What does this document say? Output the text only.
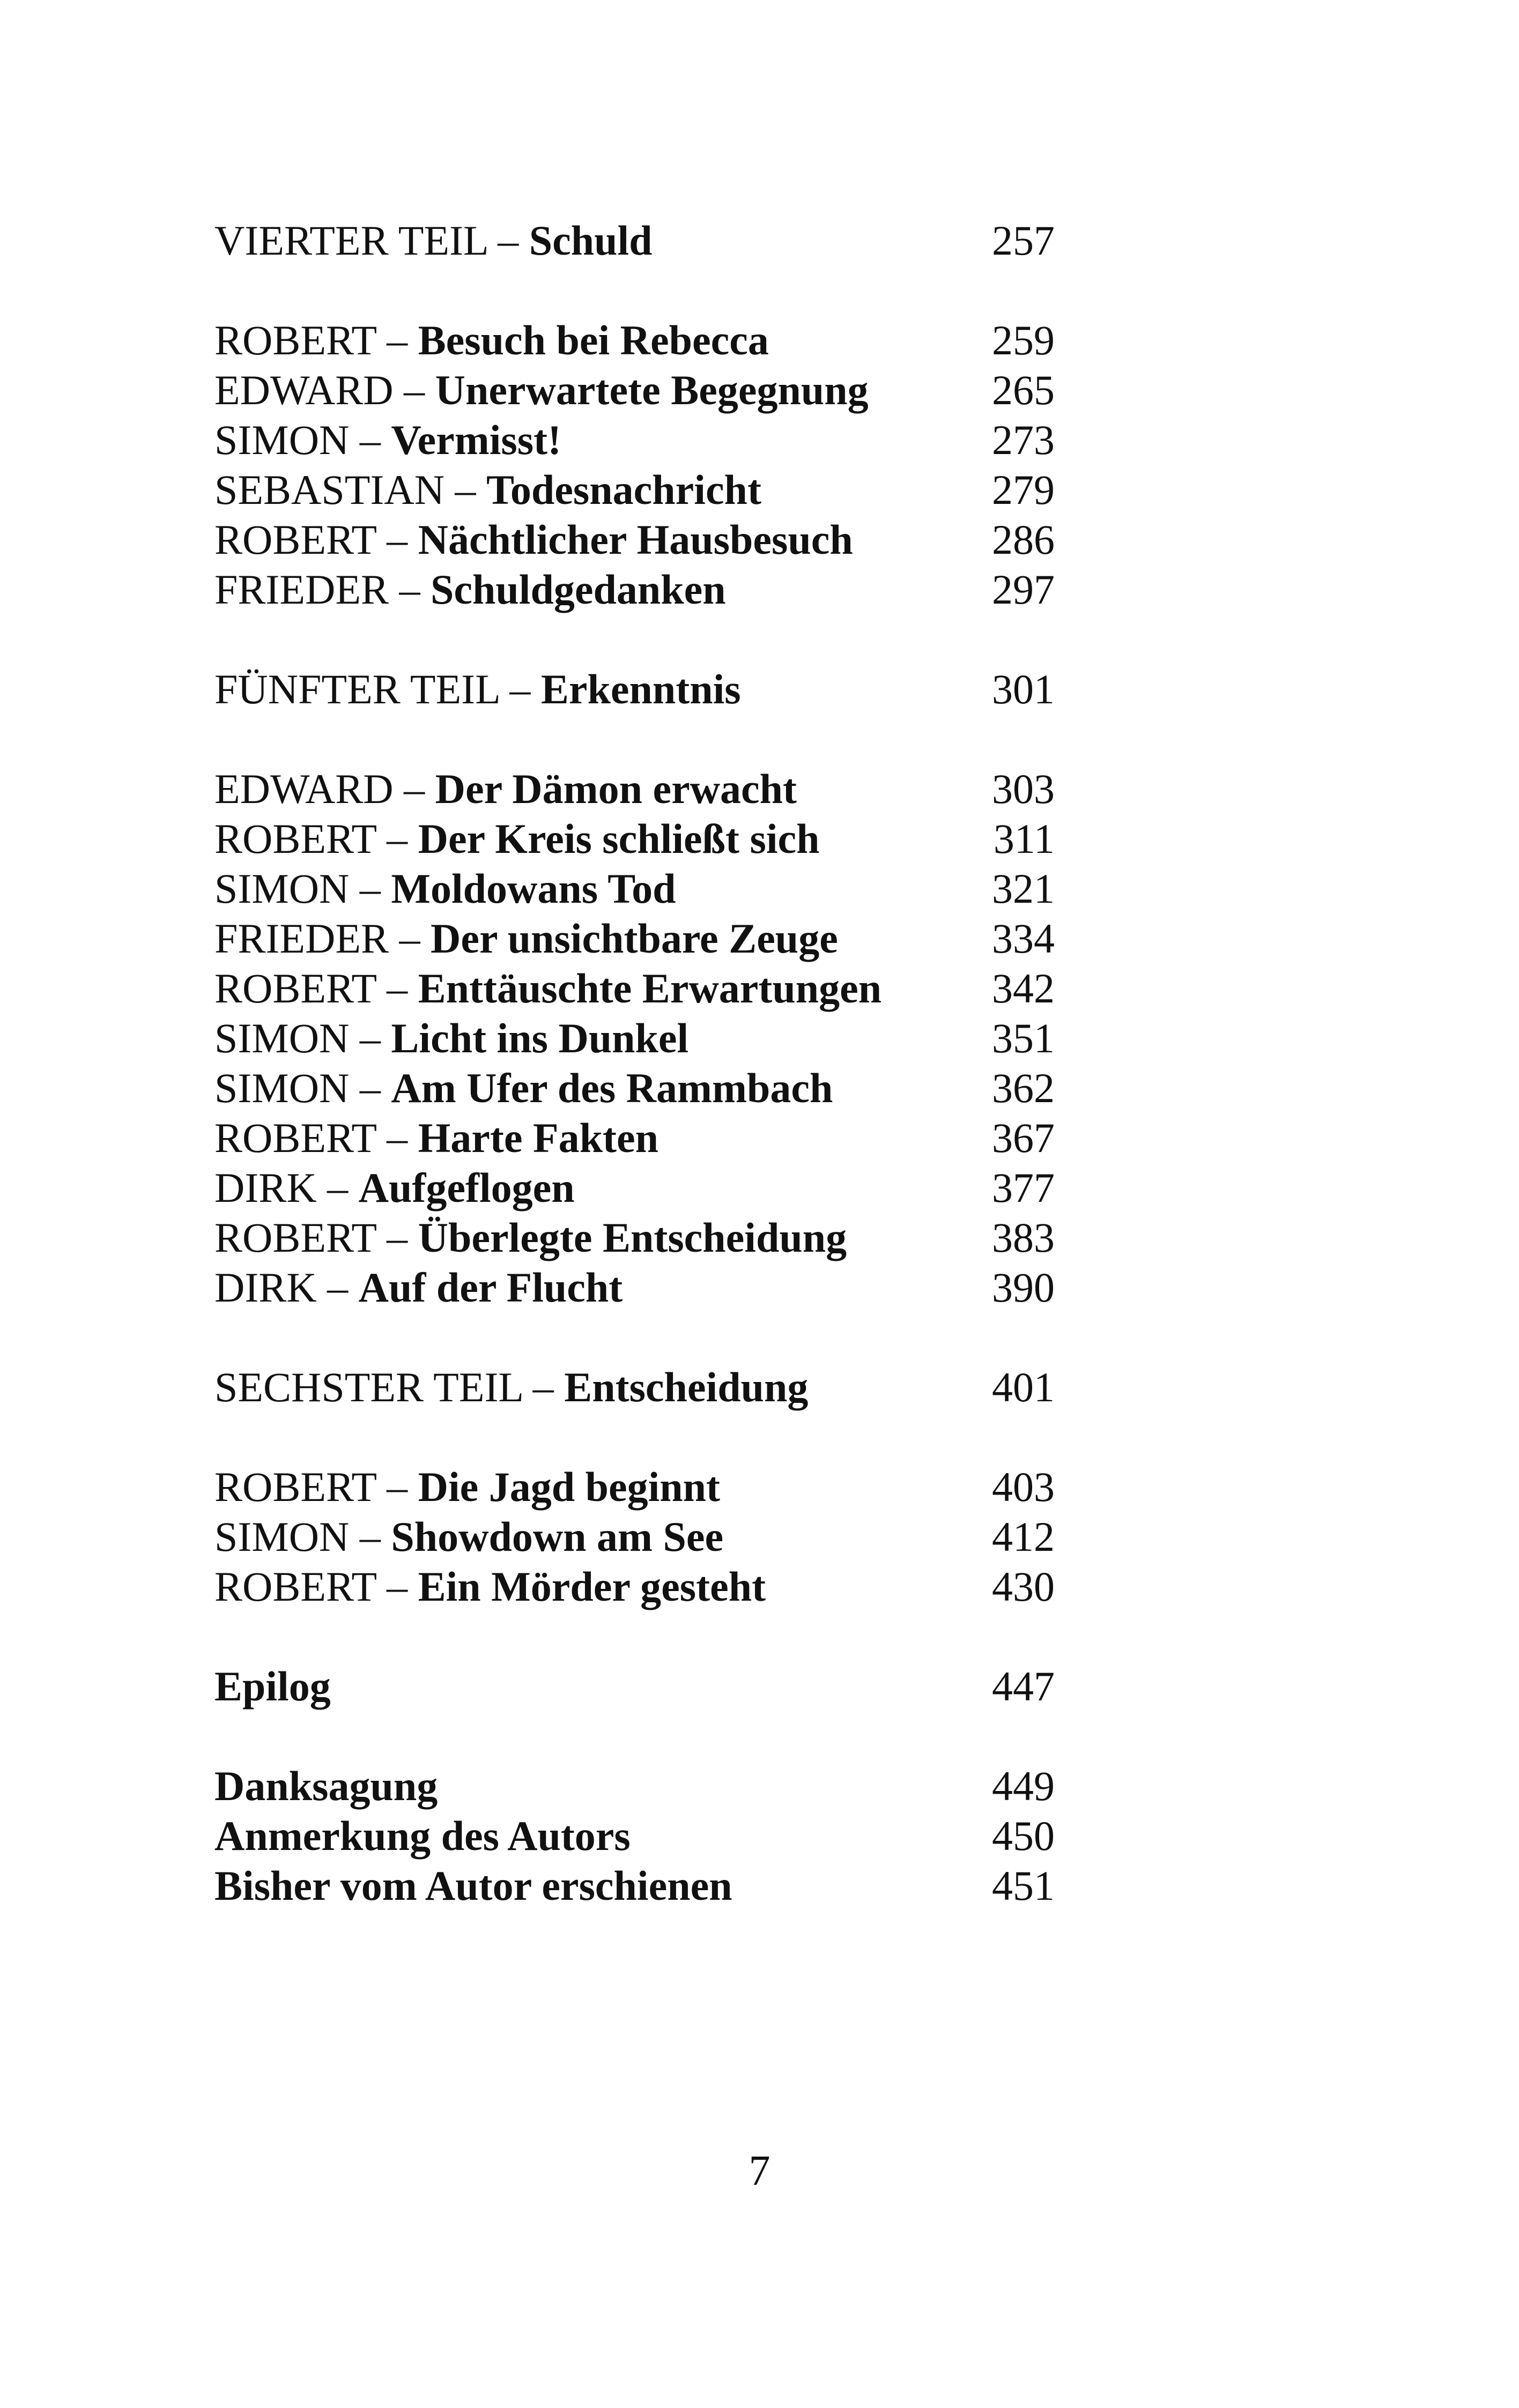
VIERTER TEIL – Schuld	257
ROBERT – Besuch bei Rebecca	259
EDWARD – Unerwartete Begegnung	265
SIMON – Vermisst!	273
SEBASTIAN – Todesnachricht	279
ROBERT – Nächtlicher Hausbesuch	286
FRIEDER – Schuldgedanken	297
FÜNFTER TEIL – Erkenntnis	301
EDWARD – Der Dämon erwacht	303
ROBERT – Der Kreis schließt sich	311
SIMON – Moldowans Tod	321
FRIEDER – Der unsichtbare Zeuge	334
ROBERT – Enttäuschte Erwartungen	342
SIMON – Licht ins Dunkel	351
SIMON – Am Ufer des Rammbach	362
ROBERT – Harte Fakten	367
DIRK – Aufgeflogen	377
ROBERT – Überlegte Entscheidung	383
DIRK – Auf der Flucht	390
SECHSTER TEIL – Entscheidung	401
ROBERT – Die Jagd beginnt	403
SIMON – Showdown am See	412
ROBERT – Ein Mörder gesteht	430
Epilog	447
Danksagung	449
Anmerkung des Autors	450
Bisher vom Autor erschienen	451
7
